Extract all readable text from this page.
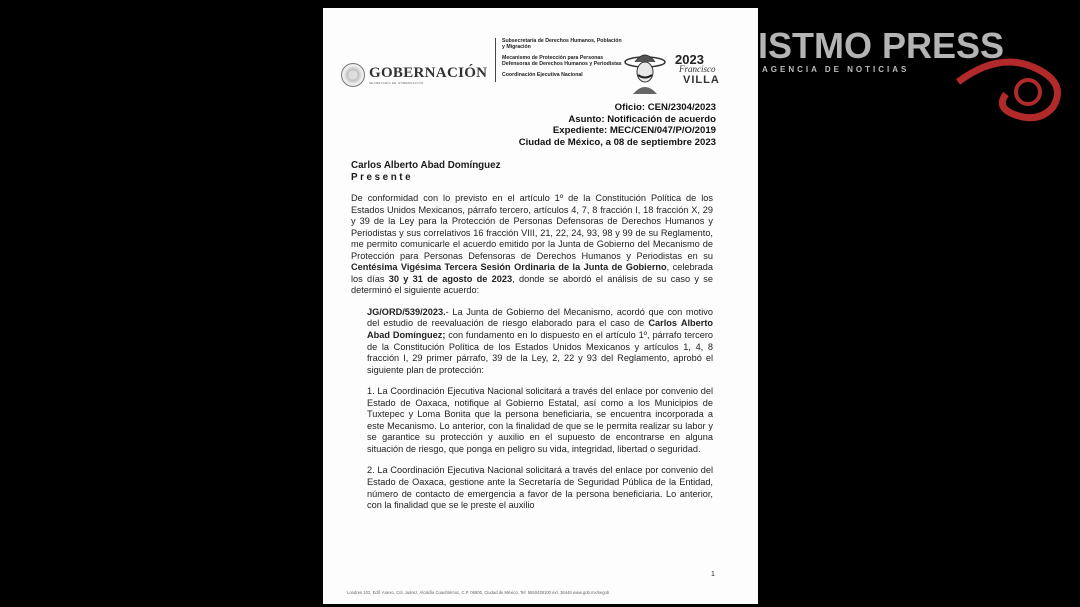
GOBERNACIÓN
SECRETARÍA DE GOBERNACIÓN

Subsecretaría de Derechos Humanos, Población y Migración

Mecanismo de Protección para Personas Defensoras de Derechos Humanos y Periodistas

Coordinación Ejecutiva Nacional

2023
Francisco
VILLA
Oficio: CEN/2304/2023
Asunto: Notificación de acuerdo
Expediente: MEC/CEN/047/P/O/2019
Ciudad de México, a 08 de septiembre 2023
Carlos Alberto Abad Domínguez
Presente

De conformidad con lo previsto en el artículo 1º de la Constitución Política de los Estados Unidos Mexicanos, párrafo tercero, artículos 4, 7, 8 fracción I, 18 fracción X, 29 y 39 de la Ley para la Protección de Personas Defensoras de Derechos Humanos y Periodistas y sus correlativos 16 fracción VIII, 21, 22, 24, 93, 98 y 99 de su Reglamento, me permito comunicarle el acuerdo emitido por la Junta de Gobierno del Mecanismo de Protección para Personas Defensoras de Derechos Humanos y Periodistas en su Centésima Vigésima Tercera Sesión Ordinaria de la Junta de Gobierno, celebrada los días 30 y 31 de agosto de 2023, donde se abordó el análisis de su caso y se determinó el siguiente acuerdo:

JG/ORD/539/2023.- La Junta de Gobierno del Mecanismo, acordó que con motivo del estudio de reevaluación de riesgo elaborado para el caso de Carlos Alberto Abad Domínguez; con fundamento en lo dispuesto en el artículo 1º, párrafo tercero de la Constitución Política de los Estados Unidos Mexicanos y artículos 1, 4, 8 fracción I, 29 primer párrafo, 39 de la Ley, 2, 22 y 93 del Reglamento, aprobó el siguiente plan de protección:

1. La Coordinación Ejecutiva Nacional solicitará a través del enlace por convenio del Estado de Oaxaca, notifique al Gobierno Estatal, así como a los Municipios de Tuxtepec y Loma Bonita que la persona beneficiaria, se encuentra incorporada a este Mecanismo. Lo anterior, con la finalidad de que se le permita realizar su labor y se garantice su protección y auxilio en el supuesto de encontrarse en alguna situación de riesgo, que ponga en peligro su vida, integridad, libertad o seguridad.

2. La Coordinación Ejecutiva Nacional solicitará a través del enlace por convenio del Estado de Oaxaca, gestione ante la Secretaría de Seguridad Pública de la Entidad, número de contacto de emergencia a favor de la persona beneficiaria. Lo anterior, con la finalidad que se le preste el auxilio

1
Londres 102, Edif. Anexo, Col. Juárez, Alcaldía Cuauhtémoc, C.P. 06600, Ciudad de México. Tel: 5550428100 ext. 36446 www.gob.mx/segob
ISTMO PRESS
AGENCIA DE NOTICIAS
